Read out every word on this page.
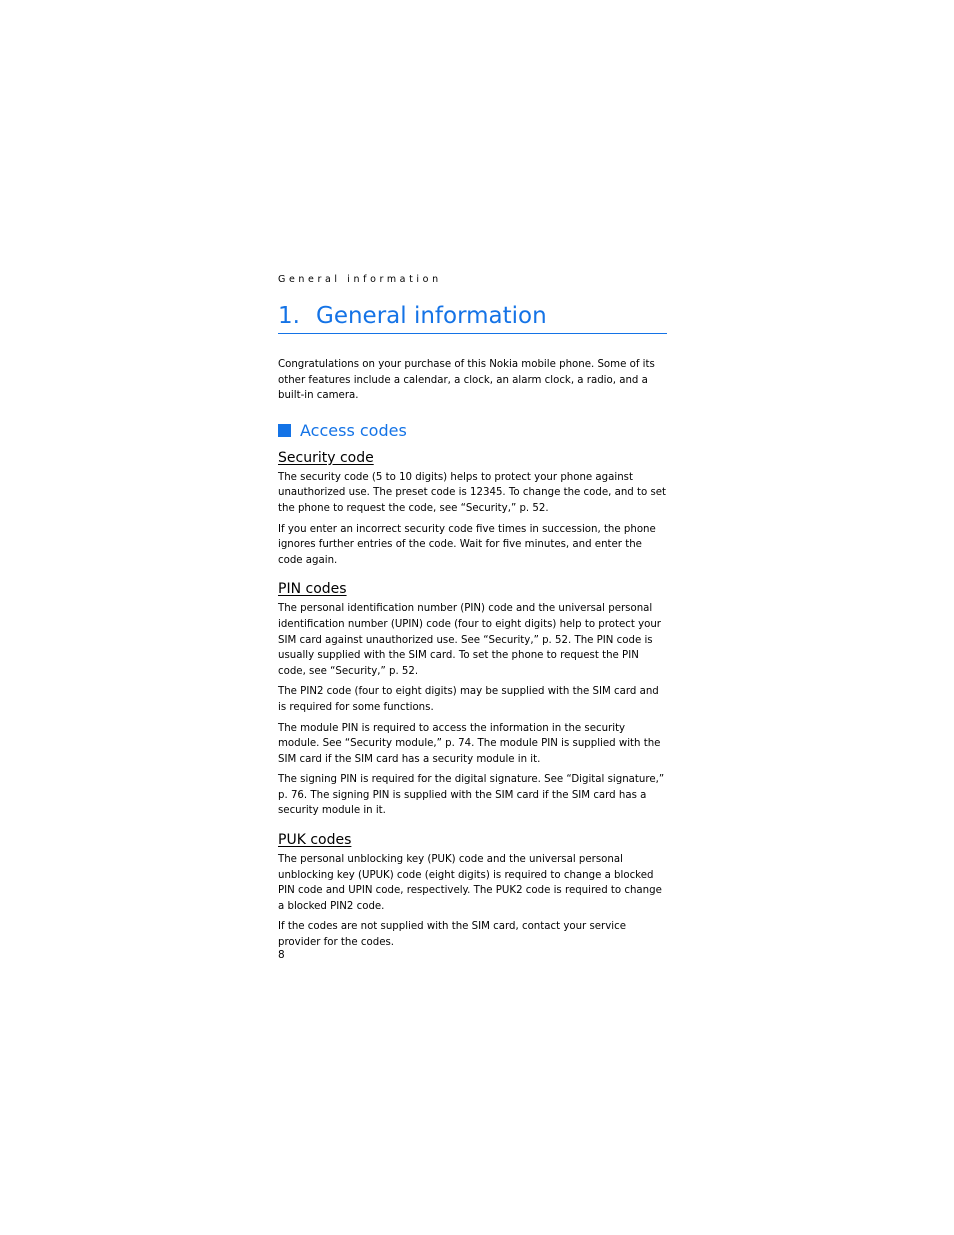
General information

1. General information

Congratulations on your purchase of this Nokia mobile phone. Some of its other features include a calendar, a clock, an alarm clock, a radio, and a built-in camera.

Access codes
Security code

The security code (5 to 10 digits) helps to protect your phone against unauthorized use. The preset code is 12345. To change the code, and to set the phone to request the code, see “Security,” p. 52.

If you enter an incorrect security code five times in succession, the phone ignores further entries of the code. Wait for five minutes, and enter the code again.

PIN codes

The personal identification number (PIN) code and the universal personal identification number (UPIN) code (four to eight digits) help to protect your SIM card against unauthorized use. See “Security,” p. 52. The PIN code is usually supplied with the SIM card. To set the phone to request the PIN code, see “Security,” p. 52.

The PIN2 code (four to eight digits) may be supplied with the SIM card and is required for some functions.

The module PIN is required to access the information in the security module. See “Security module,” p. 74. The module PIN is supplied with the SIM card if the SIM card has a security module in it.

The signing PIN is required for the digital signature. See “Digital signature,” p. 76. The signing PIN is supplied with the SIM card if the SIM card has a security module in it.

PUK codes

The personal unblocking key (PUK) code and the universal personal unblocking key (UPUK) code (eight digits) is required to change a blocked PIN code and UPIN code, respectively. The PUK2 code is required to change a blocked PIN2 code.

If the codes are not supplied with the SIM card, contact your service provider for the codes.

8
